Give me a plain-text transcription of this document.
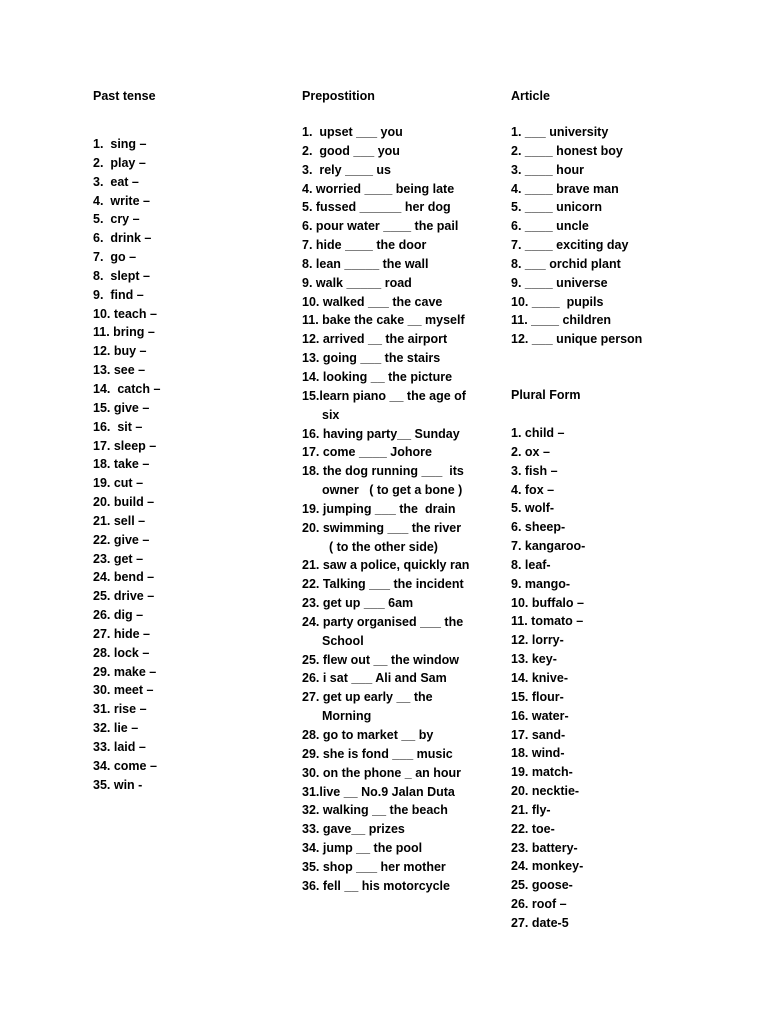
Past tense
1.  sing –
2.  play –
3.  eat –
4.  write –
5.  cry –
6.  drink –
7.  go –
8.  slept –
9.  find –
10. teach –
11. bring –
12. buy –
13. see –
14.  catch –
15. give –
16.  sit –
17. sleep –
18. take –
19. cut –
20. build –
21. sell –
22. give –
23. get –
24. bend –
25. drive –
26. dig –
27. hide –
28. lock –
29. make –
30. meet –
31. rise –
32. lie –
33. laid –
34. come –
35. win -
Prepostition
1.  upset ___ you
2.  good ___ you
3.  rely ____ us
4. worried ____ being late
5. fussed ______ her dog
6. pour water ____ the pail
7. hide ____ the door
8. lean _____ the wall
9. walk _____ road
10. walked ___ the cave
11. bake the cake __ myself
12. arrived __ the airport
13. going ___ the stairs
14. looking __ the picture
15.learn piano __ the age of
six
16. having party__ Sunday
17. come ____ Johore
18. the dog running ___  its
owner   ( to get a bone )
19. jumping ___ the  drain
20. swimming ___ the river
( to the other side)
21. saw a police, quickly ran
22. Talking ___ the incident
23. get up ___ 6am
24. party organised ___ the
School
25. flew out __ the window
26. i sat ___ Ali and Sam
27. get up early __ the
Morning
28. go to market __ by
29. she is fond ___ music
30. on the phone _ an hour
31.live __ No.9 Jalan Duta
32. walking __ the beach
33. gave__ prizes
34. jump __ the pool
35. shop ___ her mother
36. fell __ his motorcycle
Article
1. ___ university
2. ____ honest boy
3. ____ hour
4. ____ brave man
5. ____ unicorn
6. ____ uncle
7. ____ exciting day
8. ___ orchid plant
9. ____ universe
10. ____  pupils
11. ____ children
12. ___ unique person
Plural Form
1. child –
2. ox –
3. fish –
4. fox –
5. wolf-
6. sheep-
7. kangaroo-
8. leaf-
9. mango-
10. buffalo –
11. tomato –
12. lorry-
13. key-
14. knive-
15. flour-
16. water-
17. sand-
18. wind-
19. match-
20. necktie-
21. fly-
22. toe-
23. battery-
24. monkey-
25. goose-
26. roof –
27. date-5
